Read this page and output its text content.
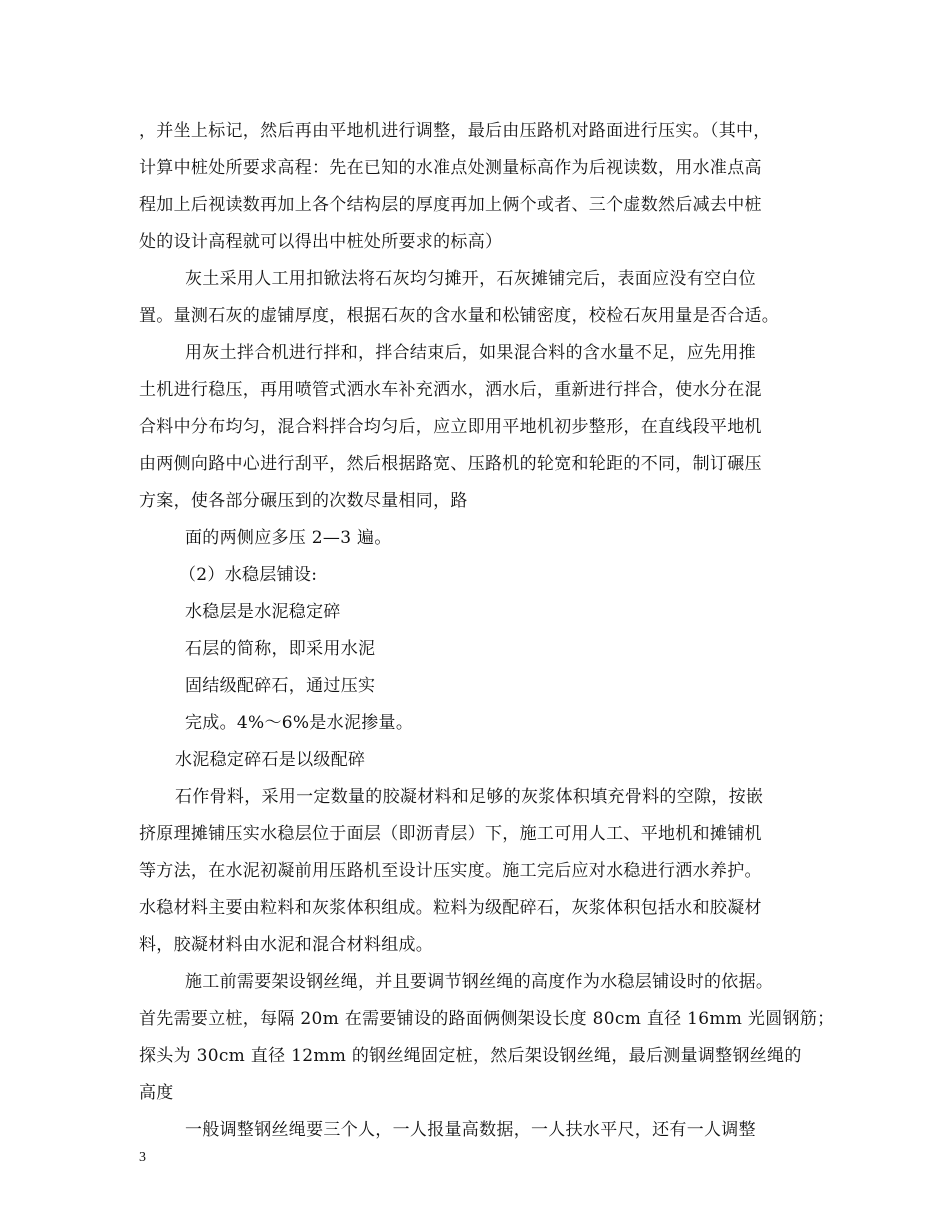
，并坐上标记，然后再由平地机进行调整，最后由压路机对路面进行压实。（其中，
计算中桩处所要求高程：先在已知的水准点处测量标高作为后视读数，用水准点高
程加上后视读数再加上各个结构层的厚度再加上俩个或者、三个虚数然后减去中桩
处的设计高程就可以得出中桩处所要求的标高）
灰土采用人工用扣锨法将石灰均匀摊开，石灰摊铺完后，表面应没有空白位
置。量测石灰的虚铺厚度，根据石灰的含水量和松铺密度，校检石灰用量是否合适。
用灰土拌合机进行拌和，拌合结束后，如果混合料的含水量不足，应先用推
土机进行稳压，再用喷管式洒水车补充洒水，洒水后，重新进行拌合，使水分在混
合料中分布均匀，混合料拌合均匀后，应立即用平地机初步整形，在直线段平地机
由两侧向路中心进行刮平，然后根据路宽、压路机的轮宽和轮距的不同，制订碾压
方案，使各部分碾压到的次数尽量相同，路
面的两侧应多压 2—3 遍。
（2）水稳层铺设:
水稳层是水泥稳定碎
石层的简称，即采用水泥
固结级配碎石，通过压实
完成。4%～6%是水泥掺量。
水泥稳定碎石是以级配碎
石作骨料，采用一定数量的胶凝材料和足够的灰浆体积填充骨料的空隙，按嵌
挤原理摊铺压实水稳层位于面层（即沥青层）下，施工可用人工、平地机和摊铺机
等方法，在水泥初凝前用压路机至设计压实度。施工完后应对水稳进行洒水养护。
水稳材料主要由粒料和灰浆体积组成。粒料为级配碎石，灰浆体积包括水和胶凝材
料，胶凝材料由水泥和混合材料组成。
施工前需要架设钢丝绳，并且要调节钢丝绳的高度作为水稳层铺设时的依据。
首先需要立桩，每隔 20m 在需要铺设的路面俩侧架设长度 80cm 直径 16mm 光圆钢筋；
探头为 30cm 直径 12mm 的钢丝绳固定桩，然后架设钢丝绳，最后测量调整钢丝绳的
高度
一般调整钢丝绳要三个人，一人报量高数据，一人扶水平尺，还有一人调整
3
